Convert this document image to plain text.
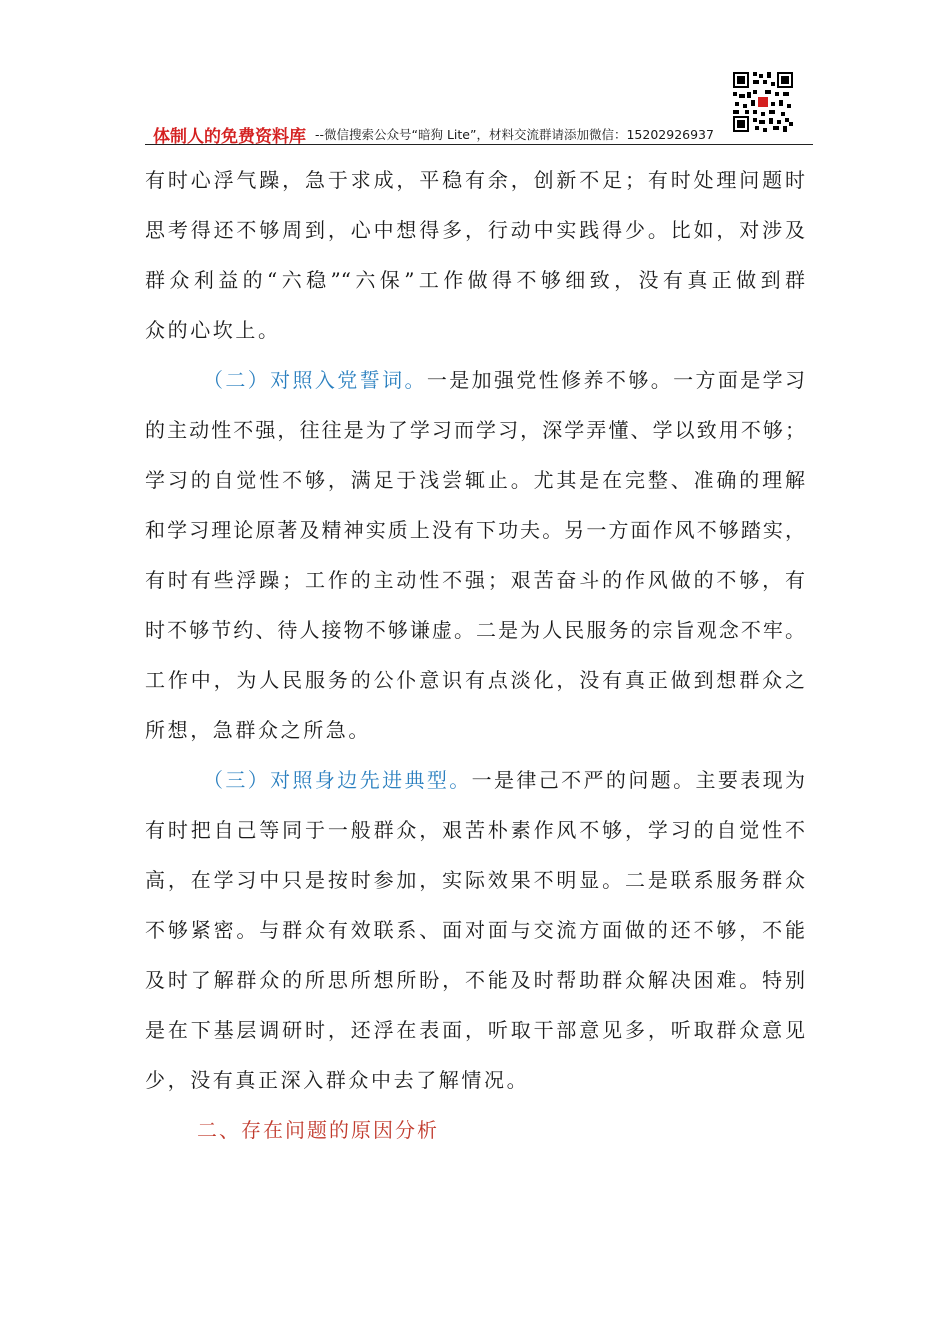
体制人的免费资料库 --微信搜索公众号“暗狗 Lite”，材料交流群请添加微信：15202926937
有时心浮气躁，急于求成，平稳有余，创新不足；有时处理问题时
思考得还不够周到，心中想得多，行动中实践得少。比如，对涉及
群众利益的“六稳”“六保”工作做得不够细致，没有真正做到群
众的心坎上。
（二）对照入党誓词。一是加强党性修养不够。一方面是学习
的主动性不强，往往是为了学习而学习，深学弄懂、学以致用不够；
学习的自觉性不够，满足于浅尝辄止。尤其是在完整、准确的理解
和学习理论原著及精神实质上没有下功夫。另一方面作风不够踏实，
有时有些浮躁；工作的主动性不强；艰苦奋斗的作风做的不够，有
时不够节约、待人接物不够谦虚。二是为人民服务的宗旨观念不牢。
工作中，为人民服务的公仆意识有点淡化，没有真正做到想群众之
所想，急群众之所急。
（三）对照身边先进典型。一是律己不严的问题。主要表现为
有时把自己等同于一般群众，艰苦朴素作风不够，学习的自觉性不
高，在学习中只是按时参加，实际效果不明显。二是联系服务群众
不够紧密。与群众有效联系、面对面与交流方面做的还不够，不能
及时了解群众的所思所想所盼，不能及时帮助群众解决困难。特别
是在下基层调研时，还浮在表面，听取干部意见多，听取群众意见
少，没有真正深入群众中去了解情况。
二、存在问题的原因分析
